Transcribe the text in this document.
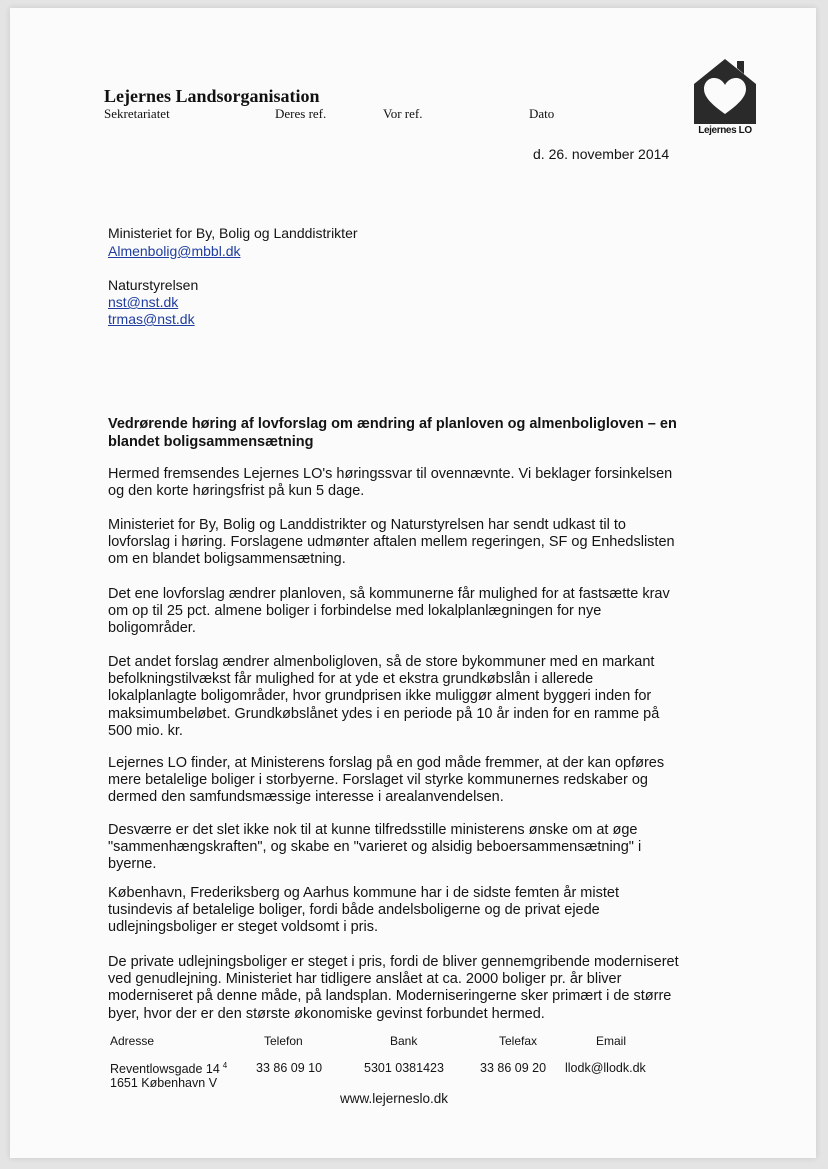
Lejernes Landsorganisation
Sekretariatet	Deres ref.	Vor ref.	Dato
Lejernes LO
d. 26. november 2014
Ministeriet for By, Bolig og Landdistrikter
Almenbolig@mbbl.dk
Naturstyrelsen
nst@nst.dk
trmas@nst.dk
Vedrørende høring af lovforslag om ændring af planloven og almenboligloven – en
blandet boligsammensætning
Hermed fremsendes Lejernes LO's høringssvar til ovennævnte. Vi beklager forsinkelsen
og den korte høringsfrist på kun 5 dage.
Ministeriet for By, Bolig og Landdistrikter og Naturstyrelsen har sendt udkast til to
lovforslag i høring. Forslagene udmønter aftalen mellem regeringen, SF og Enhedslisten
om en blandet boligsammensætning.
Det ene lovforslag ændrer planloven, så kommunerne får mulighed for at fastsætte krav
om op til 25 pct. almene boliger i forbindelse med lokalplanlægningen for nye
boligområder.
Det andet forslag ændrer almenboligloven, så de store bykommuner med en markant
befolkningstilvækst får mulighed for at yde et ekstra grundkøbslån i allerede
lokalplanlagte boligområder, hvor grundprisen ikke muliggør alment byggeri inden for
maksimumbeløbet. Grundkøbslånet ydes i en periode på 10 år inden for en ramme på
500 mio. kr.
Lejernes LO finder, at Ministerens forslag på en god måde fremmer, at der kan opføres
mere betalelige boliger i storbyerne. Forslaget vil styrke kommunernes redskaber og
dermed den samfundsmæssige interesse i arealanvendelsen.
Desværre er det slet ikke nok til at kunne tilfredsstille ministerens ønske om at øge
"sammenhængskraften", og skabe en "varieret og alsidig beboersammensætning" i
byerne.
København, Frederiksberg og Aarhus kommune har i de sidste femten år mistet
tusindevis af betalelige boliger, fordi både andelsboligerne og de privat ejede
udlejningsboliger er steget voldsomt i pris.
De private udlejningsboliger er steget i pris, fordi de bliver gennemgribende moderniseret
ved genudlejning. Ministeriet har tidligere anslået at ca. 2000 boliger pr. år bliver
moderniseret på denne måde, på landsplan. Moderniseringerne sker primært i de større
byer, hvor der er den største økonomiske gevinst forbundet hermed.
Adresse	Telefon	Bank	Telefax	Email
Reventlowsgade 14 $^4$
1651 København V
33 86 09 10	5301 0381423	33 86 09 20 llodk@llodk.dk
www.lejerneslo.dk
